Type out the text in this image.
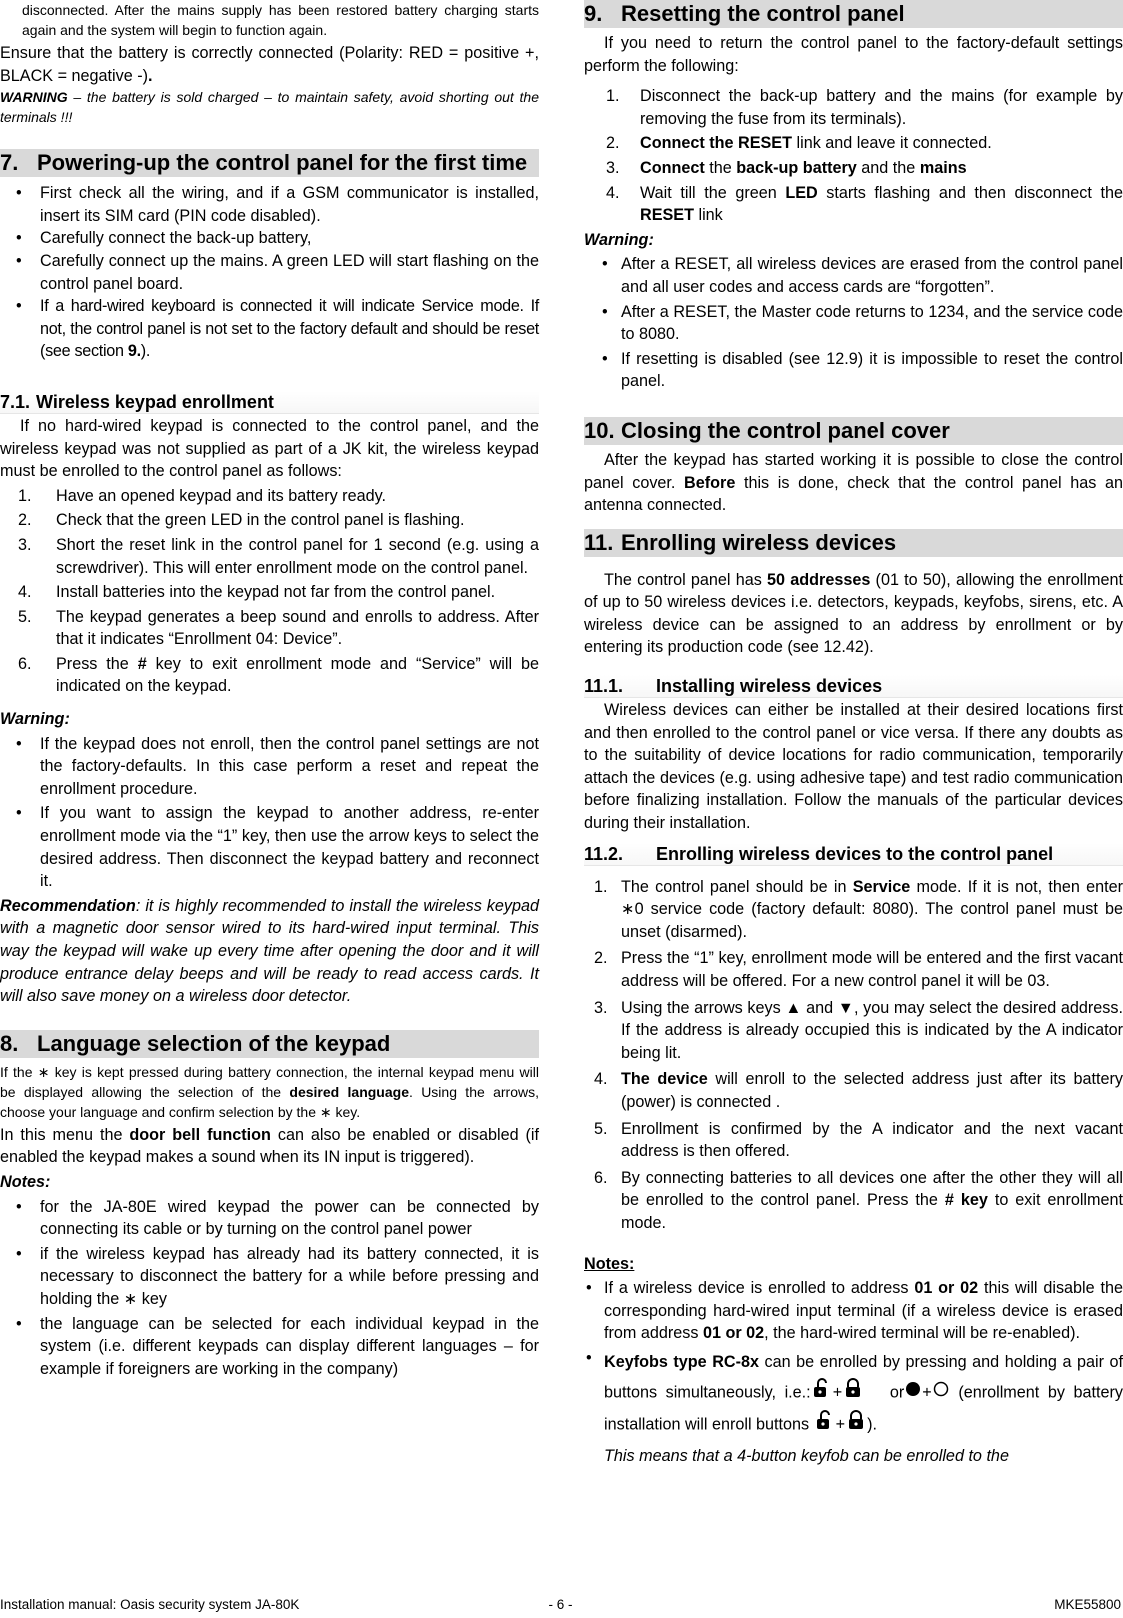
disconnected. After the mains supply has been restored battery charging starts again and the system will begin to function again.

Ensure that the battery is correctly connected (Polarity: RED = positive +, BLACK = negative -).

WARNING – the battery is sold charged – to maintain safety, avoid shorting out the terminals !!!

7. Powering-up the control panel for the first time
•	First check all the wiring, and if a GSM communicator is installed, insert its SIM card (PIN code disabled).
•	Carefully connect the back-up battery,
•	Carefully connect up the mains. A green LED will start flashing on the control panel board.
•	If a hard-wired keyboard is connected it will indicate Service mode. If not, the control panel is not set to the factory default and should be reset (see section 9.).
7.1. Wireless keypad enrollment

If no hard-wired keypad is connected to the control panel, and the wireless keypad was not supplied as part of a JK kit, the wireless keypad must be enrolled to the control panel as follows:

1.	Have an opened keypad and its battery ready.
2.	Check that the green LED in the control panel is flashing.
3.	Short the reset link in the control panel for 1 second (e.g. using a screwdriver). This will enter enrollment mode on the control panel.
4.	Install batteries into the keypad not far from the control panel.
5.	The keypad generates a beep sound and enrolls to address. After that it indicates “Enrollment 04: Device”.
6.	Press the # key to exit enrollment mode and “Service” will be indicated on the keypad.

Warning:

•	If the keypad does not enroll, then the control panel settings are not the factory-defaults. In this case perform a reset and repeat the enrollment procedure.
•	If you want to assign the keypad to another address, re-enter enrollment mode via the “1” key, then use the arrow keys to select the desired address. Then disconnect the keypad battery and reconnect it.

Recommendation: it is highly recommended to install the wireless keypad with a magnetic door sensor wired to its hard-wired input terminal. This way the keypad will wake up every time after opening the door and it will produce entrance delay beeps and will be ready to read access cards. It will also save money on a wireless door detector.

8. Language selection of the keypad

If the ∗ key is kept pressed during battery connection, the internal keypad menu will be displayed allowing the selection of the desired language. Using the arrows, choose your language and confirm selection by the ∗ key.

In this menu the door bell function can also be enabled or disabled (if enabled the keypad makes a sound when its IN input is triggered).

Notes:

•	for the JA-80E wired keypad the power can be connected by connecting its cable or by turning on the control panel power
•	if the wireless keypad has already had its battery connected, it is necessary to disconnect the battery for a while before pressing and holding the ∗ key
•	the language can be selected for each individual keypad in the system (i.e. different keypads can display different languages – for example if foreigners are working in the company)
9. Resetting the control panel

If you need to return the control panel to the factory-default settings perform the following:

1.	Disconnect the back-up battery and the mains (for example by removing the fuse from its terminals).
2.	Connect the RESET link and leave it connected.
3.	Connect the back-up battery and the mains
4.	Wait till the green LED starts flashing and then disconnect the RESET link

Warning:

• After a RESET, all wireless devices are erased from the control panel and all user codes and access cards are “forgotten”.
• After a RESET, the Master code returns to 1234, and the service code to 8080.
• If resetting is disabled (see 12.9) it is impossible to reset the control panel.
10. Closing the control panel cover

After the keypad has started working it is possible to close the control panel cover. Before this is done, check that the control panel has an antenna connected.

11. Enrolling wireless devices

The control panel has 50 addresses (01 to 50), allowing the enrollment of up to 50 wireless devices i.e. detectors, keypads, keyfobs, sirens, etc. A wireless device can be assigned to an address by enrollment or by entering its production code (see 12.42).

11.1.	Installing wireless devices

Wireless devices can either be installed at their desired locations first and then enrolled to the control panel or vice versa. If there any doubts as to the suitability of device locations for radio communication, temporarily attach the devices (e.g. using adhesive tape) and test radio communication before finalizing installation. Follow the manuals of the particular devices during their installation.

11.2.	Enrolling wireless devices to the control panel
1. The control panel should be in Service mode. If it is not, then enter ∗0 service code (factory default: 8080). The control panel must be unset (disarmed).
2. Press the “1” key, enrollment mode will be entered and the first vacant address will be offered. For a new control panel it will be 03.
3. Using the arrows keys ▲ and ▼, you may select the desired address. If the address is already occupied this is indicated by the A indicator being lit.
4. The device will enroll to the selected address just after its battery (power) is connected .
5. Enrollment is confirmed by the A indicator and the next vacant address is then offered.
6. By connecting batteries to all devices one after the other they will all be enrolled to the control panel. Press the # key to exit enrollment mode.

Notes:

• If a wireless device is enrolled to address 01 or 02 this will disable the corresponding hard-wired input terminal (if a wireless device is erased from address 01 or 02, the hard-wired terminal will be re-enabled).
• Keyfobs type RC-8x can be enrolled by pressing and holding a pair of buttons simultaneously, i.e.: +	or + (enrollment by battery installation will enroll buttons + ).
This means that a 4-button keyfob can be enrolled to the
Installation manual: Oasis security system JA-80K	- 6 -	MKE55800
